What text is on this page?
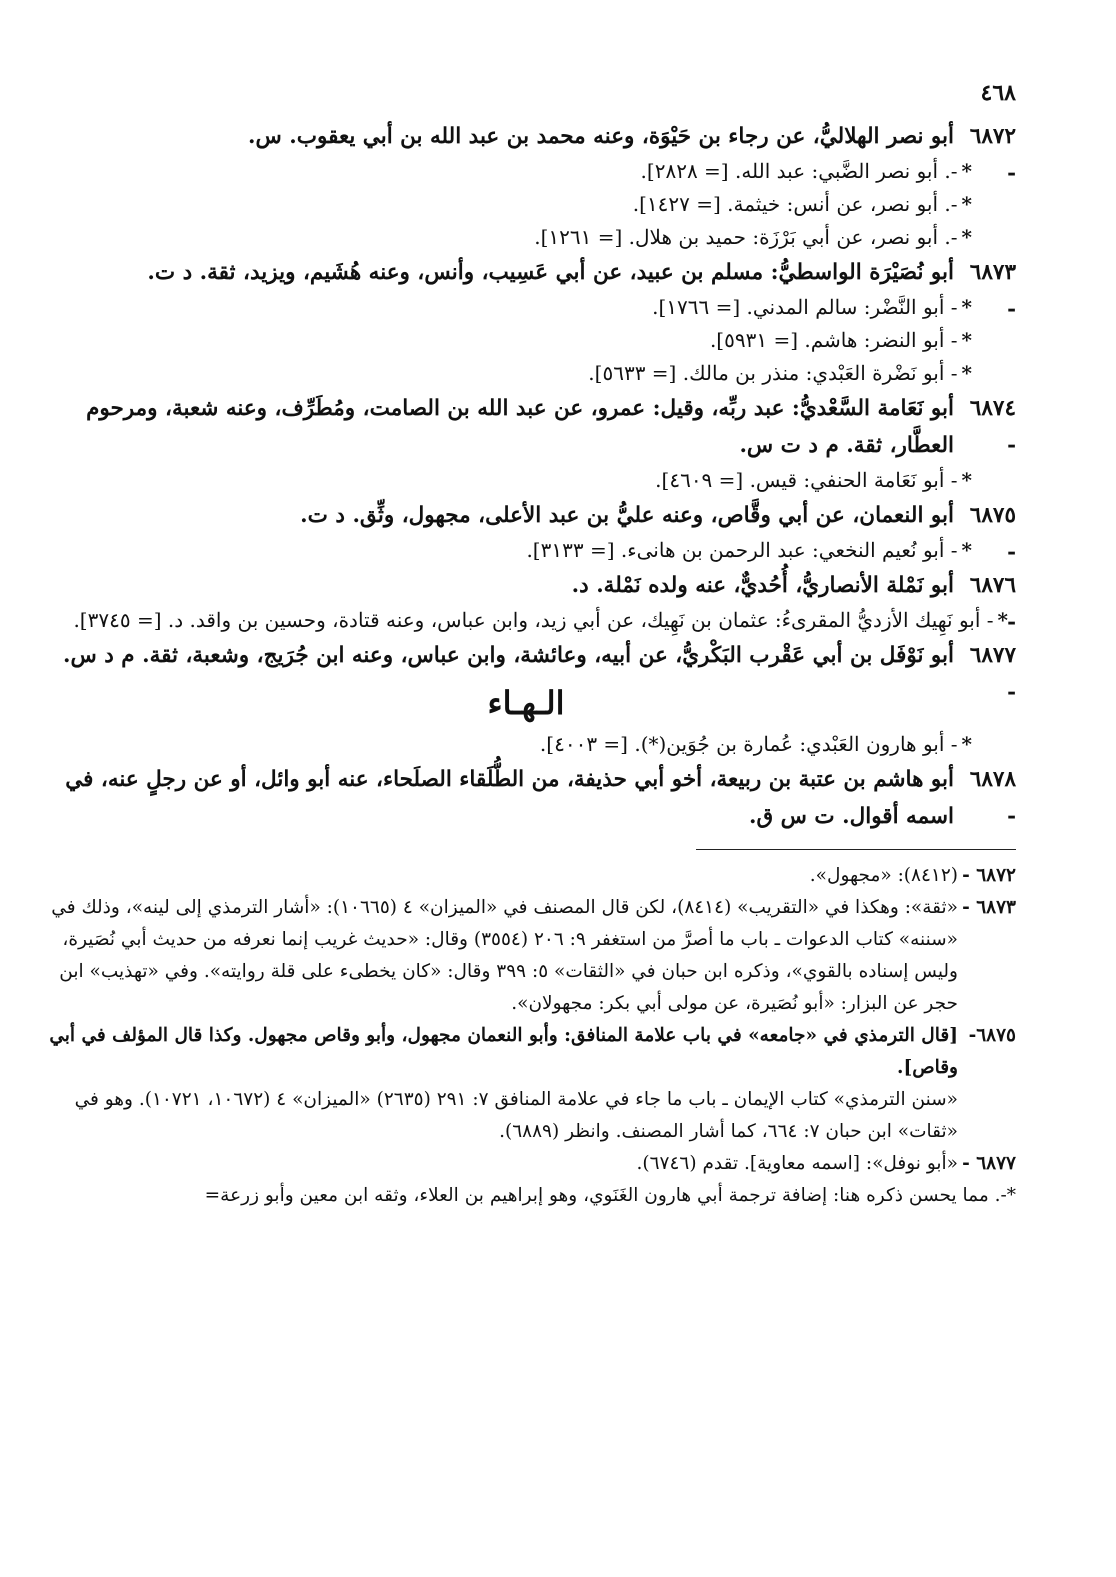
٤٦٨

٦٨٧٢ -
أبو نصر الهلاليُّ، عن رجاء بن حَيْوَة، وعنه محمد بن عبد الله بن أبي يعقوب. س.

*-. أبو نصر الضَّبي: عبد الله. [= ٢٨٢٨].

*-. أبو نصر، عن أنس: خيثمة. [= ١٤٢٧].

*-. أبو نصر، عن أبي بَرْزَة: حميد بن هلال. [= ١٢٦١].

٦٨٧٣ -
أبو نُصَيْرَة الواسطيُّ: مسلم بن عبيد، عن أبي عَسِيب، وأنس، وعنه هُشَيم، ويزيد، ثقة. د ت.

*- أبو النَّضْر: سالم المدني. [= ١٧٦٦].

*- أبو النضر: هاشم. [= ٥٩٣١].

*- أبو نَضْرة العَبْدي: منذر بن مالك. [= ٥٦٣٣].

٦٨٧٤ -
أبو نَعَامة السَّعْديُّ: عبد ربِّه، وقيل: عمرو، عن عبد الله بن الصامت، ومُطَرِّف، وعنه شعبة، ومرحوم العطَّار، ثقة. م د ت س.

*- أبو نَعَامة الحنفي: قيس. [= ٤٦٠٩].

٦٨٧٥ -
أبو النعمان، عن أبي وقَّاص، وعنه عليُّ بن عبد الأعلى، مجهول، وثِّق. د ت.

*- أبو نُعيم النخعي: عبد الرحمن بن هانىء. [= ٣١٣٣].

٦٨٧٦ -
أبو نَمْلة الأنصاريُّ، أُحُديٌّ، عنه ولده نَمْلة. د.

*- أبو نَهِيك الأزديُّ المقرىءُ: عثمان بن نَهِيك، عن أبي زيد، وابن عباس، وعنه قتادة، وحسين بن واقد. د. [= ٣٧٤٥].

٦٨٧٧ -
أبو نَوْفَل بن أبي عَقْرب البَكْريُّ، عن أبيه، وعائشة، وابن عباس، وعنه ابن جُرَيج، وشعبة، ثقة. م د س.

الـهـاء

*- أبو هارون العَبْدي: عُمارة بن جُوَين(*). [= ٤٠٠٣].

٦٨٧٨ -
أبو هاشم بن عتبة بن ربيعة، أخو أبي حذيفة، من الطُّلَقاء الصلَحاء، عنه أبو وائل، أو عن رجلٍ عنه، في اسمه أقوال. ت س ق.

٦٨٧٢ -
(٨٤١٢): «مجهول».

٦٨٧٣ -
«ثقة»: وهكذا في «التقريب» (٨٤١٤)، لكن قال المصنف في «الميزان» ٤ (١٠٦٦٥): «أشار الترمذي إلى لينه»، وذلك في «سننه» كتاب الدعوات ـ باب ما أصرَّ من استغفر ٩: ٢٠٦ (٣٥٥٤) وقال: «حديث غريب إنما نعرفه من حديث أبي نُصَيرة، وليس إسناده بالقوي»، وذكره ابن حبان في «الثقات» ٥: ٣٩٩ وقال: «كان يخطىء على قلة روايته». وفي «تهذيب» ابن حجر عن البزار: «أبو نُصَيرة، عن مولى أبي بكر: مجهولان».

٦٨٧٥-
[قال الترمذي في «جامعه» في باب علامة المنافق: وأبو النعمان مجهول، وأبو وقاص مجهول. وكذا قال المؤلف في أبي وقاص].

«سنن الترمذي» كتاب الإيمان ـ باب ما جاء في علامة المنافق ٧: ٢٩١ (٢٦٣٥) «الميزان» ٤ (١٠٦٧٢، ١٠٧٢١). وهو في «ثقات» ابن حبان ٧: ٦٦٤، كما أشار المصنف. وانظر (٦٨٨٩).

٦٨٧٧ -
«أبو نوفل»: [اسمه معاوية]. تقدم (٦٧٤٦).

*-. مما يحسن ذكره هنا: إضافة ترجمة أبي هارون الغَنَوي، وهو إبراهيم بن العلاء، وثقه ابن معين وأبو زرعة=
